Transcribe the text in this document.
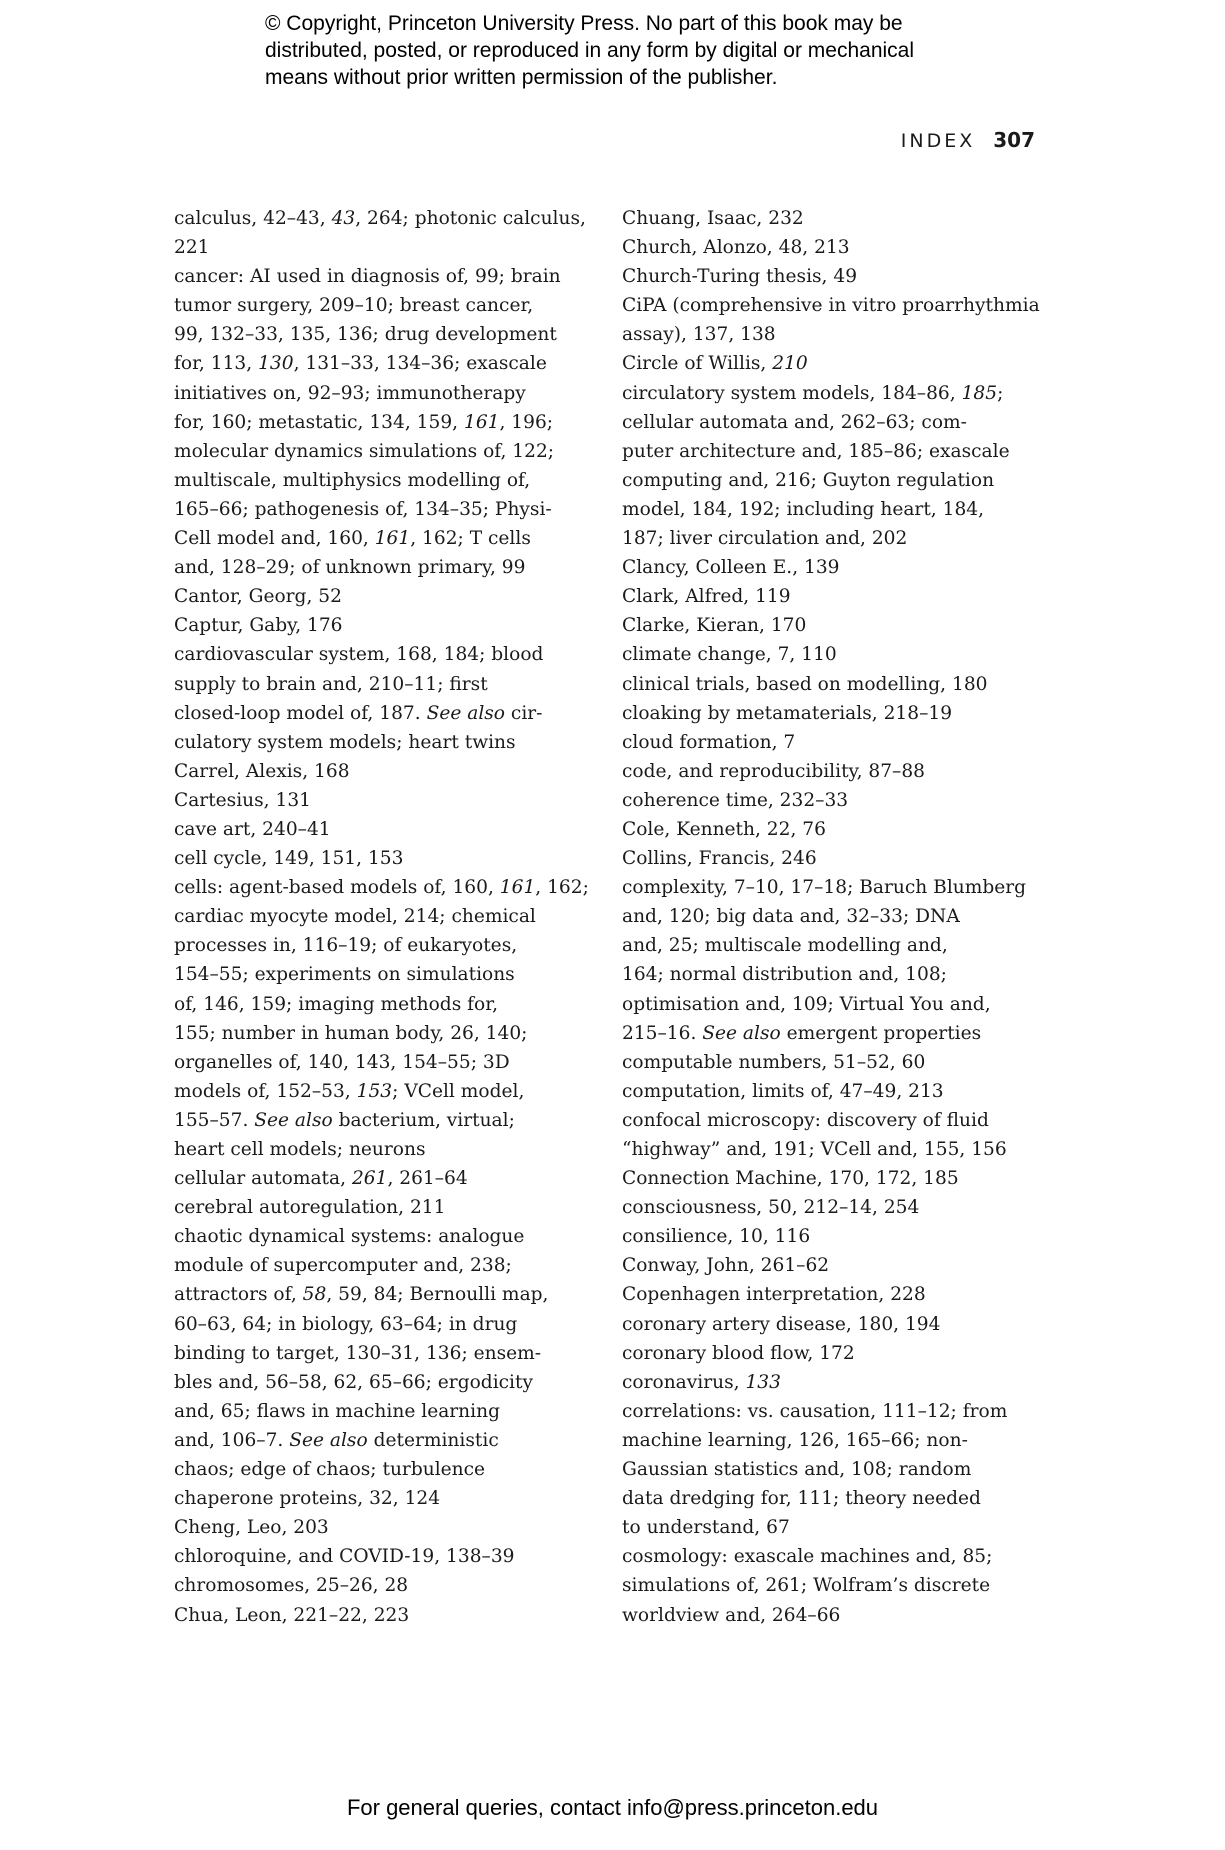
© Copyright, Princeton University Press. No part of this book may be
distributed, posted, or reproduced in any form by digital or mechanical
means without prior written permission of the publisher.
INDEX 307
calculus, 42–43, 43, 264; photonic calculus,
221
cancer: AI used in diagnosis of, 99; brain
tumor surgery, 209–10; breast cancer,
99, 132–33, 135, 136; drug development
for, 113, 130, 131–33, 134–36; exascale
initiatives on, 92–93; immunotherapy
for, 160; metastatic, 134, 159, 161, 196;
molecular dynamics simulations of, 122;
multiscale, multiphysics modelling of,
165–66; pathogenesis of, 134–35; Physi-
Cell model and, 160, 161, 162; T cells
and, 128–29; of unknown primary, 99
Cantor, Georg, 52
Captur, Gaby, 176
cardiovascular system, 168, 184; blood
supply to brain and, 210–11; first
closed-loop model of, 187. See also cir-
culatory system models; heart twins
Carrel, Alexis, 168
Cartesius, 131
cave art, 240–41
cell cycle, 149, 151, 153
cells: agent-based models of, 160, 161, 162;
cardiac myocyte model, 214; chemical
processes in, 116–19; of eukaryotes,
154–55; experiments on simulations
of, 146, 159; imaging methods for,
155; number in human body, 26, 140;
organelles of, 140, 143, 154–55; 3D
models of, 152–53, 153; VCell model,
155–57. See also bacterium, virtual;
heart cell models; neurons
cellular automata, 261, 261–64
cerebral autoregulation, 211
chaotic dynamical systems: analogue
module of supercomputer and, 238;
attractors of, 58, 59, 84; Bernoulli map,
60–63, 64; in biology, 63–64; in drug
binding to target, 130–31, 136; ensem-
bles and, 56–58, 62, 65–66; ergodicity
and, 65; flaws in machine learning
and, 106–7. See also deterministic
chaos; edge of chaos; turbulence
chaperone proteins, 32, 124
Cheng, Leo, 203
chloroquine, and COVID-19, 138–39
chromosomes, 25–26, 28
Chua, Leon, 221–22, 223
Chuang, Isaac, 232
Church, Alonzo, 48, 213
Church-Turing thesis, 49
CiPA (comprehensive in vitro proarrhythmia
assay), 137, 138
Circle of Willis, 210
circulatory system models, 184–86, 185;
cellular automata and, 262–63; com-
puter architecture and, 185–86; exascale
computing and, 216; Guyton regulation
model, 184, 192; including heart, 184,
187; liver circulation and, 202
Clancy, Colleen E., 139
Clark, Alfred, 119
Clarke, Kieran, 170
climate change, 7, 110
clinical trials, based on modelling, 180
cloaking by metamaterials, 218–19
cloud formation, 7
code, and reproducibility, 87–88
coherence time, 232–33
Cole, Kenneth, 22, 76
Collins, Francis, 246
complexity, 7–10, 17–18; Baruch Blumberg
and, 120; big data and, 32–33; DNA
and, 25; multiscale modelling and,
164; normal distribution and, 108;
optimisation and, 109; Virtual You and,
215–16. See also emergent properties
computable numbers, 51–52, 60
computation, limits of, 47–49, 213
confocal microscopy: discovery of fluid
“highway” and, 191; VCell and, 155, 156
Connection Machine, 170, 172, 185
consciousness, 50, 212–14, 254
consilience, 10, 116
Conway, John, 261–62
Copenhagen interpretation, 228
coronary artery disease, 180, 194
coronary blood flow, 172
coronavirus, 133
correlations: vs. causation, 111–12; from
machine learning, 126, 165–66; non-
Gaussian statistics and, 108; random
data dredging for, 111; theory needed
to understand, 67
cosmology: exascale machines and, 85;
simulations of, 261; Wolfram’s discrete
worldview and, 264–66
For general queries, contact info@press.princeton.edu
